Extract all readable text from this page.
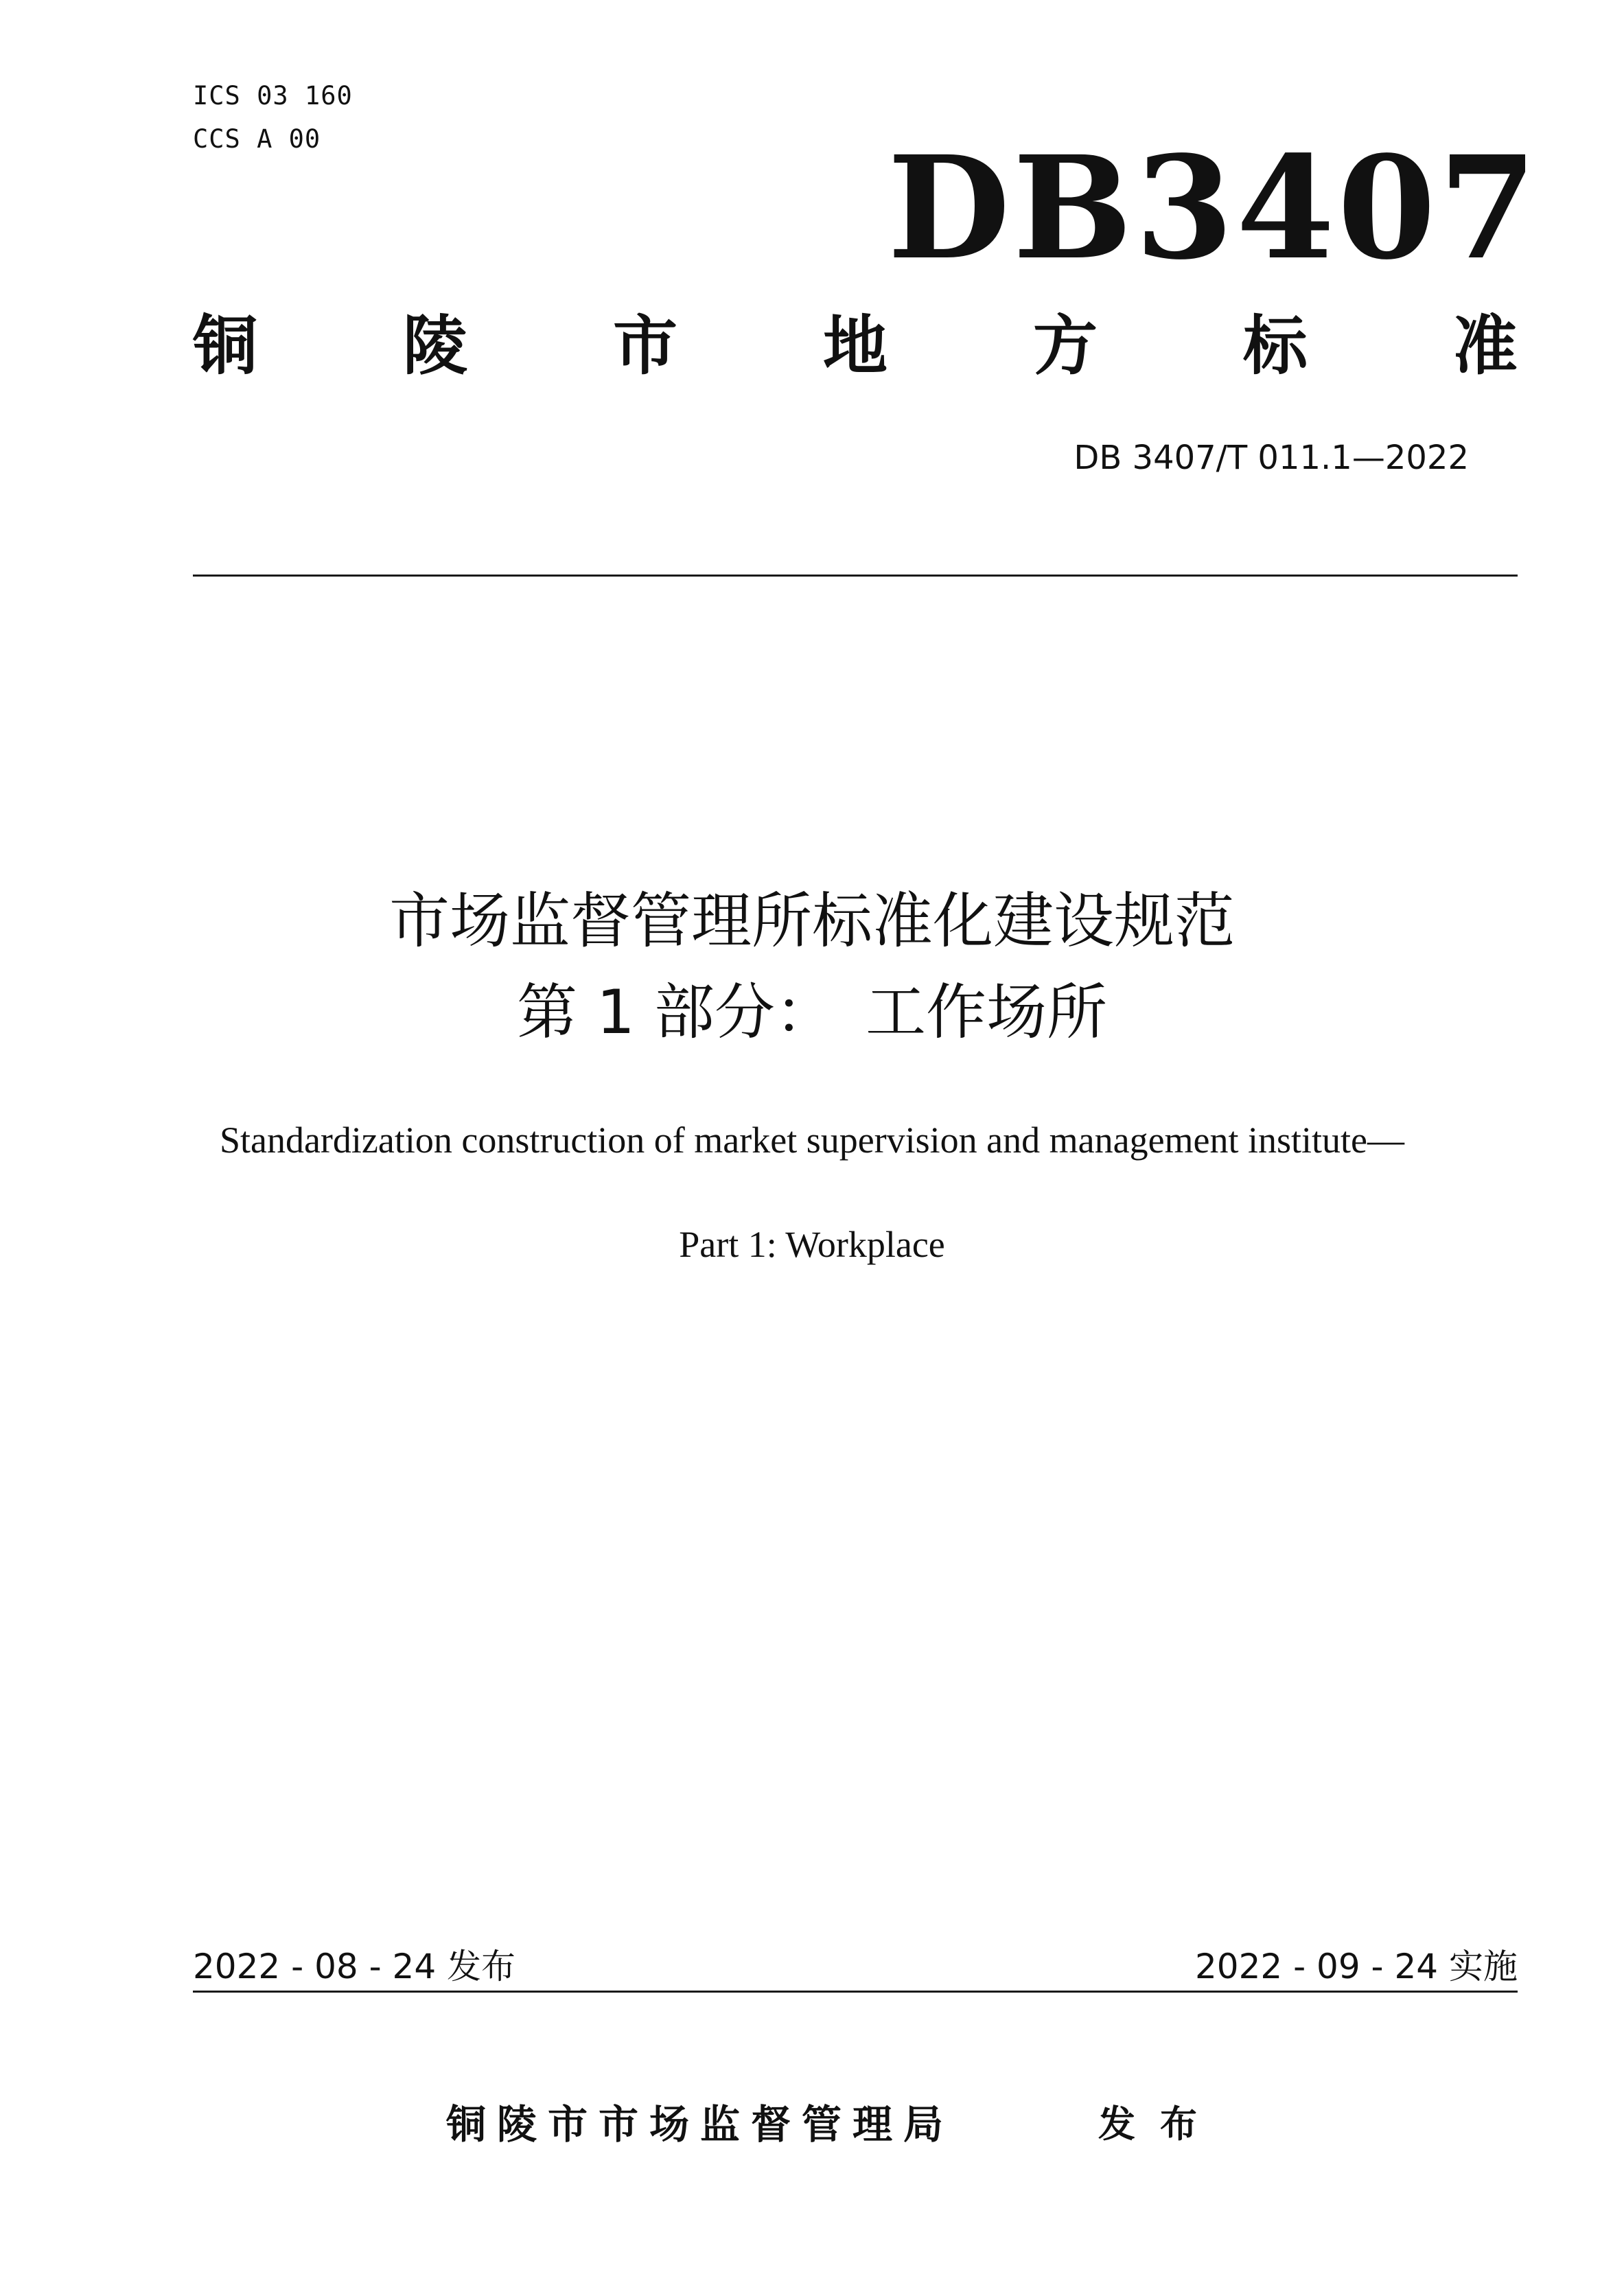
ICS 03 160
CCS A 00	DB3407
铜 陵 市 地 方 标 准
DB 3407/T 011.1—2022
市场监督管理所标准化建设规范
第 1 部分：　工作场所
Standardization construction of market supervision and management institute—
Part 1: Workplace
2022 - 08 - 24 发布	2022 - 09 - 24 实施
铜陵市市场监督管理局	发布
